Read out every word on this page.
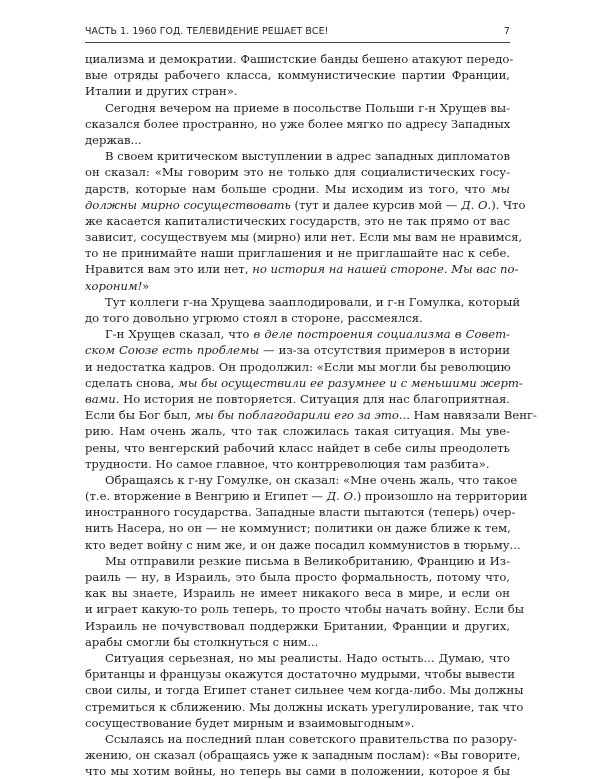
ЧАСТЬ 1. 1960 ГОД. ТЕЛЕВИДЕНИЕ РЕШАЕТ ВСЕ!	7
циализма и демократии. Фашистские банды бешено атакуют передо-
вые отряды рабочего класса, коммунистические партии Франции,
Италии и других стран».
Сегодня вечером на приеме в посольстве Польши г-н Хрущев вы-
сказался более пространно, но уже более мягко по адресу Западных
держав...
В своем критическом выступлении в адрес западных дипломатов
он сказал: «Мы говорим это не только для социалистических госу-
дарств, которые нам больше сродни. Мы исходим из того, что мы
должны мирно сосуществовать (тут и далее курсив мой — Д. О.). Что
же касается капиталистических государств, это не так прямо от вас
зависит, сосуществуем мы (мирно) или нет. Если мы вам не нравимся,
то не принимайте наши приглашения и не приглашайте нас к себе.
Нравится вам это или нет, но история на нашей стороне. Мы вас по-
хороним!»
Тут коллеги г-на Хрущева зааплодировали, и г-н Гомулка, который
до того довольно угрюмо стоял в стороне, рассмеялся.
Г-н Хрущев сказал, что в деле построения социализма в Совет-
ском Союзе есть проблемы — из-за отсутствия примеров в истории
и недостатка кадров. Он продолжил: «Если мы могли бы революцию
сделать снова, мы бы осуществили ее разумнее и с меньшими жерт-
вами. Но история не повторяется. Ситуация для нас благоприятная.
Если бы Бог был, мы бы поблагодарили его за это... Нам навязали Венг-
рию. Нам очень жаль, что так сложилась такая ситуация. Мы уве-
рены, что венгерский рабочий класс найдет в себе силы преодолеть
трудности. Но самое главное, что контрреволюция там разбита».
Обращаясь к г-ну Гомулке, он сказал: «Мне очень жаль, что такое
(т.е. вторжение в Венгрию и Египет — Д. О.) произошло на территории
иностранного государства. Западные власти пытаются (теперь) очер-
нить Насера, но он — не коммунист; политики он даже ближе к тем,
кто ведет войну с ним же, и он даже посадил коммунистов в тюрьму...
Мы отправили резкие письма в Великобританию, Францию и Из-
раиль — ну, в Израиль, это была просто формальность, потому что,
как вы знаете, Израиль не имеет никакого веса в мире, и если он
и играет какую-то роль теперь, то просто чтобы начать войну. Если бы
Израиль не почувствовал поддержки Британии, Франции и других,
арабы смогли бы столкнуться с ним...
Ситуация серьезная, но мы реалисты. Надо остыть... Думаю, что
британцы и французы окажутся достаточно мудрыми, чтобы вывести
свои силы, и тогда Египет станет сильнее чем когда-либо. Мы должны
стремиться к сближению. Мы должны искать урегулирование, так что
сосуществование будет мирным и взаимовыгодным».
Ссылаясь на последний план советского правительства по разору-
жению, он сказал (обращаясь уже к западным послам): «Вы говорите,
что мы хотим войны, но теперь вы сами в положении, которое я бы
